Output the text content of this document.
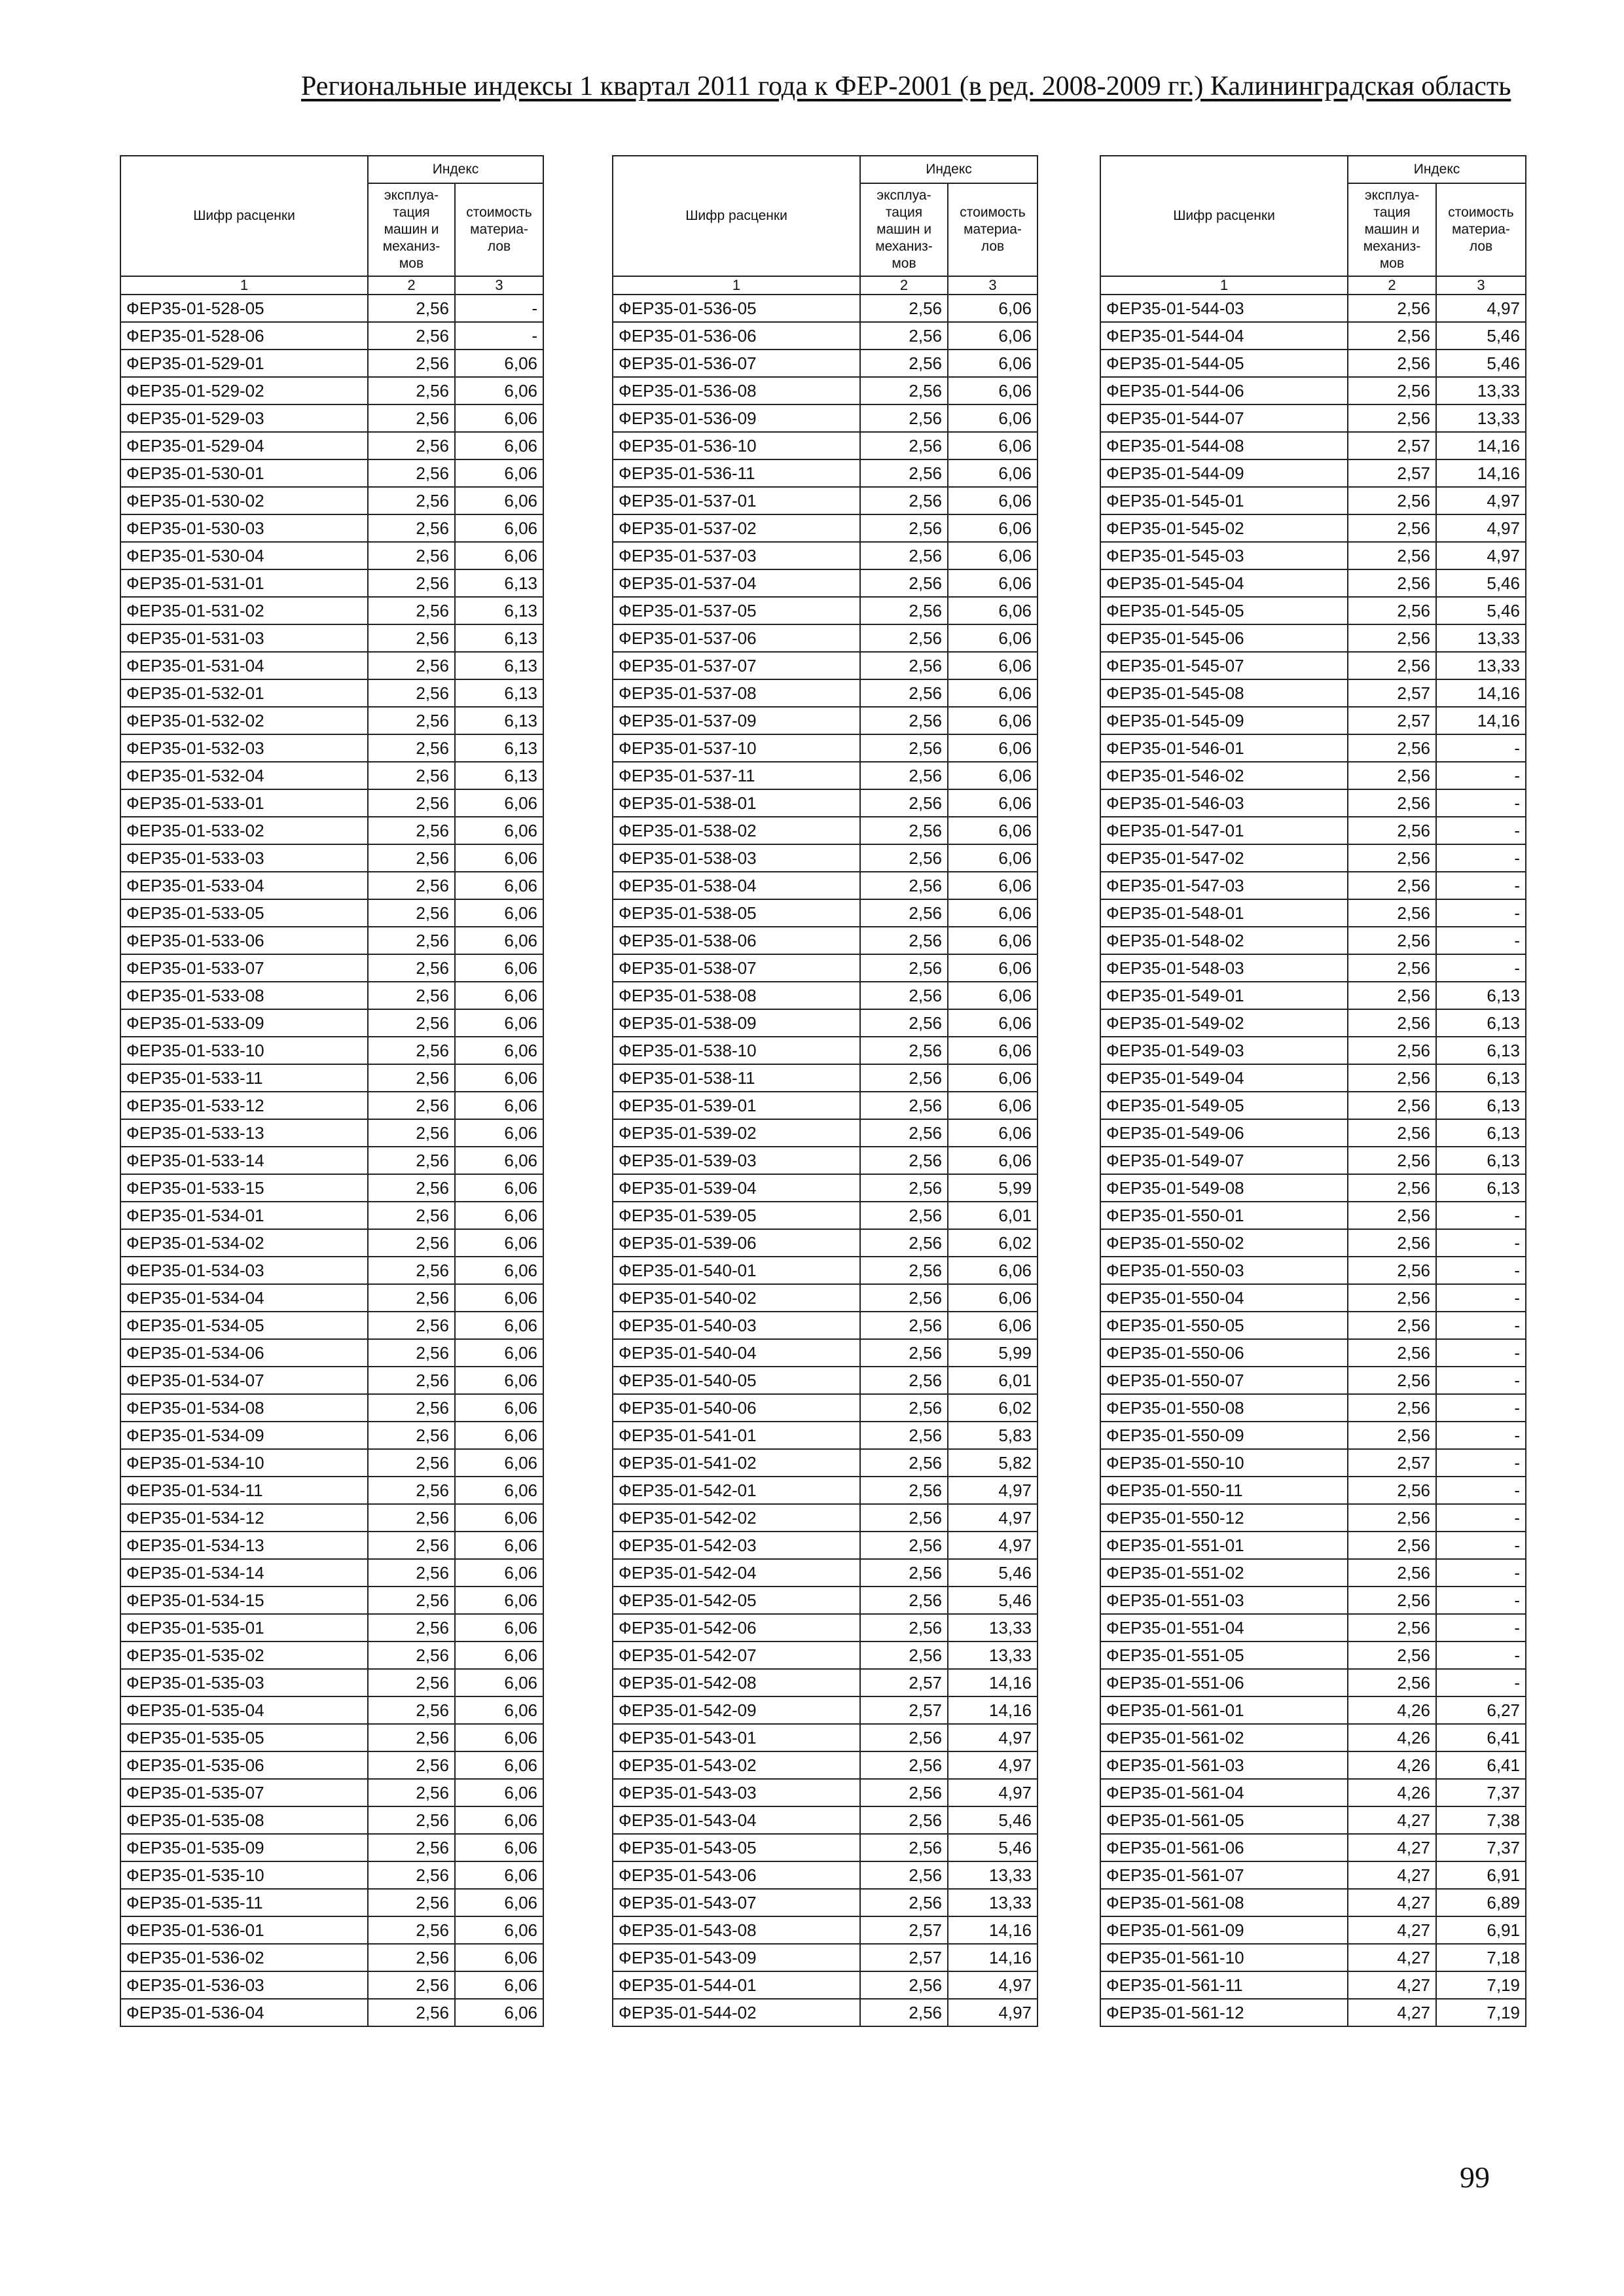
Региональные индексы 1 квартал 2011 года к ФЕР-2001 (в ред. 2008-2009 гг.) Калининградская область
Шифр расценки	Индекс	
	эксплуа-тация машин и механиз-мов	стоимость материа-лов
1	2	3
ФЕР35-01-528-05	2,56	-
ФЕР35-01-528-06	2,56	-
ФЕР35-01-529-01	2,56	6,06
ФЕР35-01-529-02	2,56	6,06
ФЕР35-01-529-03	2,56	6,06
ФЕР35-01-529-04	2,56	6,06
ФЕР35-01-530-01	2,56	6,06
ФЕР35-01-530-02	2,56	6,06
ФЕР35-01-530-03	2,56	6,06
ФЕР35-01-530-04	2,56	6,06
ФЕР35-01-531-01	2,56	6,13
ФЕР35-01-531-02	2,56	6,13
ФЕР35-01-531-03	2,56	6,13
ФЕР35-01-531-04	2,56	6,13
ФЕР35-01-532-01	2,56	6,13
ФЕР35-01-532-02	2,56	6,13
ФЕР35-01-532-03	2,56	6,13
ФЕР35-01-532-04	2,56	6,13
ФЕР35-01-533-01	2,56	6,06
ФЕР35-01-533-02	2,56	6,06
ФЕР35-01-533-03	2,56	6,06
ФЕР35-01-533-04	2,56	6,06
ФЕР35-01-533-05	2,56	6,06
ФЕР35-01-533-06	2,56	6,06
ФЕР35-01-533-07	2,56	6,06
ФЕР35-01-533-08	2,56	6,06
ФЕР35-01-533-09	2,56	6,06
ФЕР35-01-533-10	2,56	6,06
ФЕР35-01-533-11	2,56	6,06
ФЕР35-01-533-12	2,56	6,06
ФЕР35-01-533-13	2,56	6,06
ФЕР35-01-533-14	2,56	6,06
ФЕР35-01-533-15	2,56	6,06
ФЕР35-01-534-01	2,56	6,06
ФЕР35-01-534-02	2,56	6,06
ФЕР35-01-534-03	2,56	6,06
ФЕР35-01-534-04	2,56	6,06
ФЕР35-01-534-05	2,56	6,06
ФЕР35-01-534-06	2,56	6,06
ФЕР35-01-534-07	2,56	6,06
ФЕР35-01-534-08	2,56	6,06
ФЕР35-01-534-09	2,56	6,06
ФЕР35-01-534-10	2,56	6,06
ФЕР35-01-534-11	2,56	6,06
ФЕР35-01-534-12	2,56	6,06
ФЕР35-01-534-13	2,56	6,06
ФЕР35-01-534-14	2,56	6,06
ФЕР35-01-534-15	2,56	6,06
ФЕР35-01-535-01	2,56	6,06
ФЕР35-01-535-02	2,56	6,06
ФЕР35-01-535-03	2,56	6,06
ФЕР35-01-535-04	2,56	6,06
ФЕР35-01-535-05	2,56	6,06
ФЕР35-01-535-06	2,56	6,06
ФЕР35-01-535-07	2,56	6,06
ФЕР35-01-535-08	2,56	6,06
ФЕР35-01-535-09	2,56	6,06
ФЕР35-01-535-10	2,56	6,06
ФЕР35-01-535-11	2,56	6,06
ФЕР35-01-536-01	2,56	6,06
ФЕР35-01-536-02	2,56	6,06
ФЕР35-01-536-03	2,56	6,06
ФЕР35-01-536-04	2,56	6,06
Шифр расценки	Индекс	
	эксплуа-тация машин и механиз-мов	стоимость материа-лов
1	2	3
ФЕР35-01-536-05	2,56	6,06
ФЕР35-01-536-06	2,56	6,06
ФЕР35-01-536-07	2,56	6,06
ФЕР35-01-536-08	2,56	6,06
ФЕР35-01-536-09	2,56	6,06
ФЕР35-01-536-10	2,56	6,06
ФЕР35-01-536-11	2,56	6,06
ФЕР35-01-537-01	2,56	6,06
ФЕР35-01-537-02	2,56	6,06
ФЕР35-01-537-03	2,56	6,06
ФЕР35-01-537-04	2,56	6,06
ФЕР35-01-537-05	2,56	6,06
ФЕР35-01-537-06	2,56	6,06
ФЕР35-01-537-07	2,56	6,06
ФЕР35-01-537-08	2,56	6,06
ФЕР35-01-537-09	2,56	6,06
ФЕР35-01-537-10	2,56	6,06
ФЕР35-01-537-11	2,56	6,06
ФЕР35-01-538-01	2,56	6,06
ФЕР35-01-538-02	2,56	6,06
ФЕР35-01-538-03	2,56	6,06
ФЕР35-01-538-04	2,56	6,06
ФЕР35-01-538-05	2,56	6,06
ФЕР35-01-538-06	2,56	6,06
ФЕР35-01-538-07	2,56	6,06
ФЕР35-01-538-08	2,56	6,06
ФЕР35-01-538-09	2,56	6,06
ФЕР35-01-538-10	2,56	6,06
ФЕР35-01-538-11	2,56	6,06
ФЕР35-01-539-01	2,56	6,06
ФЕР35-01-539-02	2,56	6,06
ФЕР35-01-539-03	2,56	6,06
ФЕР35-01-539-04	2,56	5,99
ФЕР35-01-539-05	2,56	6,01
ФЕР35-01-539-06	2,56	6,02
ФЕР35-01-540-01	2,56	6,06
ФЕР35-01-540-02	2,56	6,06
ФЕР35-01-540-03	2,56	6,06
ФЕР35-01-540-04	2,56	5,99
ФЕР35-01-540-05	2,56	6,01
ФЕР35-01-540-06	2,56	6,02
ФЕР35-01-541-01	2,56	5,83
ФЕР35-01-541-02	2,56	5,82
ФЕР35-01-542-01	2,56	4,97
ФЕР35-01-542-02	2,56	4,97
ФЕР35-01-542-03	2,56	4,97
ФЕР35-01-542-04	2,56	5,46
ФЕР35-01-542-05	2,56	5,46
ФЕР35-01-542-06	2,56	13,33
ФЕР35-01-542-07	2,56	13,33
ФЕР35-01-542-08	2,57	14,16
ФЕР35-01-542-09	2,57	14,16
ФЕР35-01-543-01	2,56	4,97
ФЕР35-01-543-02	2,56	4,97
ФЕР35-01-543-03	2,56	4,97
ФЕР35-01-543-04	2,56	5,46
ФЕР35-01-543-05	2,56	5,46
ФЕР35-01-543-06	2,56	13,33
ФЕР35-01-543-07	2,56	13,33
ФЕР35-01-543-08	2,57	14,16
ФЕР35-01-543-09	2,57	14,16
ФЕР35-01-544-01	2,56	4,97
ФЕР35-01-544-02	2,56	4,97
Шифр расценки	Индекс	
	эксплуа-тация машин и механиз-мов	стоимость материа-лов
1	2	3
ФЕР35-01-544-03	2,56	4,97
ФЕР35-01-544-04	2,56	5,46
ФЕР35-01-544-05	2,56	5,46
ФЕР35-01-544-06	2,56	13,33
ФЕР35-01-544-07	2,56	13,33
ФЕР35-01-544-08	2,57	14,16
ФЕР35-01-544-09	2,57	14,16
ФЕР35-01-545-01	2,56	4,97
ФЕР35-01-545-02	2,56	4,97
ФЕР35-01-545-03	2,56	4,97
ФЕР35-01-545-04	2,56	5,46
ФЕР35-01-545-05	2,56	5,46
ФЕР35-01-545-06	2,56	13,33
ФЕР35-01-545-07	2,56	13,33
ФЕР35-01-545-08	2,57	14,16
ФЕР35-01-545-09	2,57	14,16
ФЕР35-01-546-01	2,56	-
ФЕР35-01-546-02	2,56	-
ФЕР35-01-546-03	2,56	-
ФЕР35-01-547-01	2,56	-
ФЕР35-01-547-02	2,56	-
ФЕР35-01-547-03	2,56	-
ФЕР35-01-548-01	2,56	-
ФЕР35-01-548-02	2,56	-
ФЕР35-01-548-03	2,56	-
ФЕР35-01-549-01	2,56	6,13
ФЕР35-01-549-02	2,56	6,13
ФЕР35-01-549-03	2,56	6,13
ФЕР35-01-549-04	2,56	6,13
ФЕР35-01-549-05	2,56	6,13
ФЕР35-01-549-06	2,56	6,13
ФЕР35-01-549-07	2,56	6,13
ФЕР35-01-549-08	2,56	6,13
ФЕР35-01-550-01	2,56	-
ФЕР35-01-550-02	2,56	-
ФЕР35-01-550-03	2,56	-
ФЕР35-01-550-04	2,56	-
ФЕР35-01-550-05	2,56	-
ФЕР35-01-550-06	2,56	-
ФЕР35-01-550-07	2,56	-
ФЕР35-01-550-08	2,56	-
ФЕР35-01-550-09	2,56	-
ФЕР35-01-550-10	2,57	-
ФЕР35-01-550-11	2,56	-
ФЕР35-01-550-12	2,56	-
ФЕР35-01-551-01	2,56	-
ФЕР35-01-551-02	2,56	-
ФЕР35-01-551-03	2,56	-
ФЕР35-01-551-04	2,56	-
ФЕР35-01-551-05	2,56	-
ФЕР35-01-551-06	2,56	-
ФЕР35-01-561-01	4,26	6,27
ФЕР35-01-561-02	4,26	6,41
ФЕР35-01-561-03	4,26	6,41
ФЕР35-01-561-04	4,26	7,37
ФЕР35-01-561-05	4,27	7,38
ФЕР35-01-561-06	4,27	7,37
ФЕР35-01-561-07	4,27	6,91
ФЕР35-01-561-08	4,27	6,89
ФЕР35-01-561-09	4,27	6,91
ФЕР35-01-561-10	4,27	7,18
ФЕР35-01-561-11	4,27	7,19
ФЕР35-01-561-12	4,27	7,19
99
